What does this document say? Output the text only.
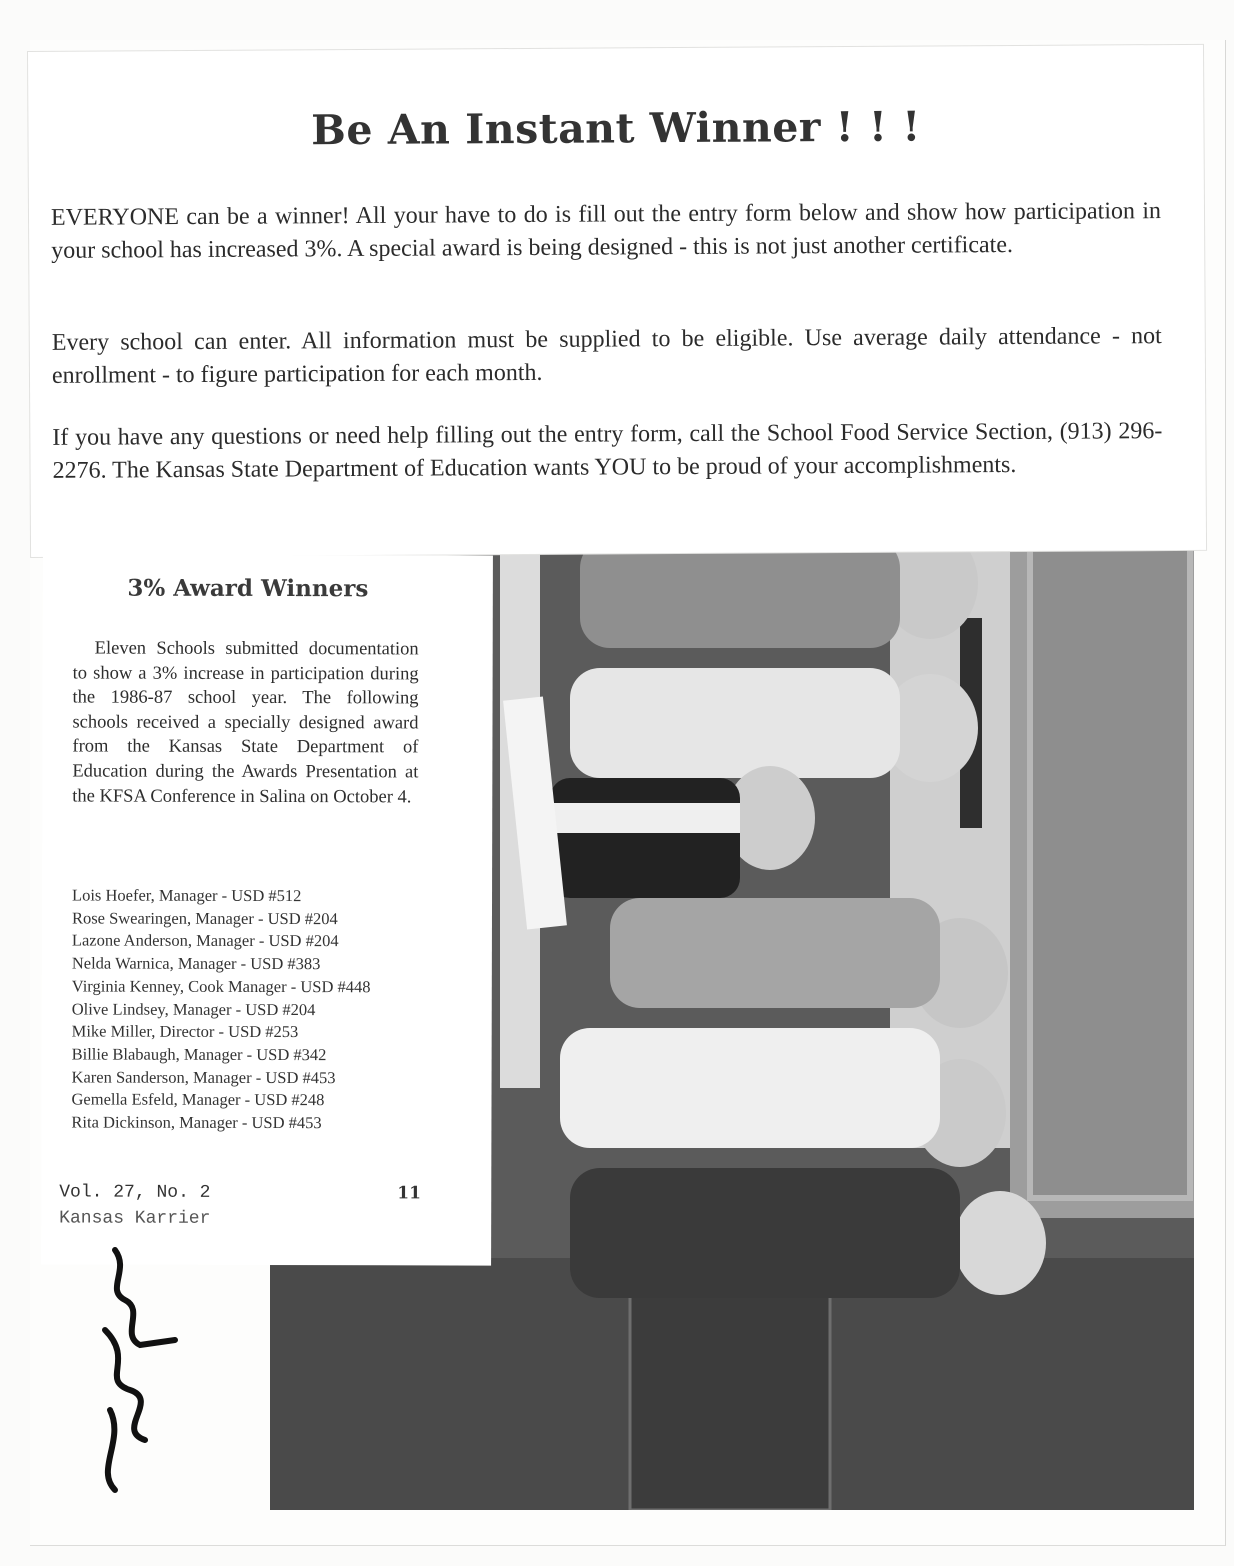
Be An Instant Winner ! ! !

EVERYONE can be a winner! All your have to do is fill out the entry form below and show how participation in your school has increased 3%. A special award is being designed - this is not just another certificate.

Every school can enter. All information must be supplied to be eligible. Use average daily attendance - not enrollment - to figure participation for each month.

If you have any questions or need help filling out the entry form, call the School Food Service Section, (913) 296-2276. The Kansas State Department of Education wants YOU to be proud of your accomplishments.

3% Award Winners

Eleven Schools submitted documentation to show a 3% increase in participation during the 1986-87 school year. The following schools received a specially designed award from the Kansas State Department of Education during the Awards Presentation at the KFSA Conference in Salina on October 4.

Lois Hoefer, Manager - USD #512
Rose Swearingen, Manager - USD #204
Lazone Anderson, Manager - USD #204
Nelda Warnica, Manager - USD #383
Virginia Kenney, Cook Manager - USD #448
Olive Lindsey, Manager - USD #204
Mike Miller, Director - USD #253
Billie Blabaugh, Manager - USD #342
Karen Sanderson, Manager - USD #453
Gemella Esfeld, Manager - USD #248
Rita Dickinson, Manager - USD #453
Vol. 27, No. 2	11
Kansas Karrier
